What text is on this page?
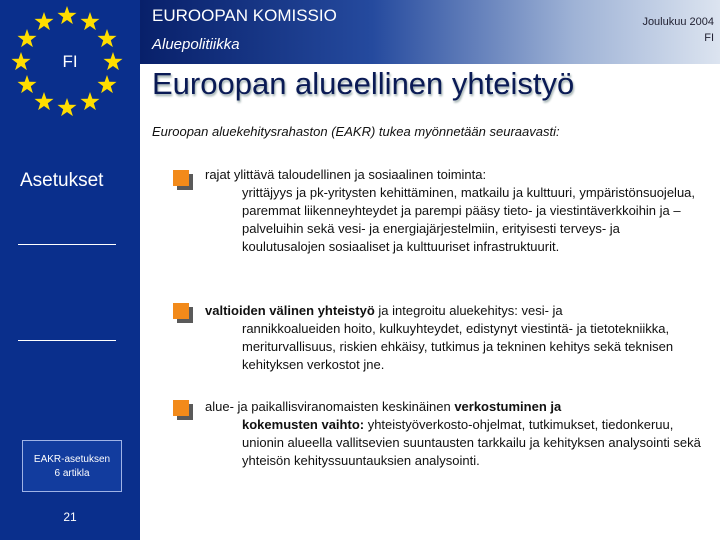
FI
Asetukset
EAKR-asetuksen
6 artikla
21
EUROOPAN KOMISSIO
Aluepolitiikka
Joulukuu 2004
FI
Euroopan alueellinen yhteistyö
Euroopan aluekehitysrahaston (EAKR) tukea myönnetään seuraavasti:
rajat ylittävä taloudellinen ja sosiaalinen toiminta:
yrittäjyys ja pk-yritysten kehittäminen, matkailu ja kulttuuri, ympäristönsuojelua, paremmat liikenneyhteydet ja parempi pääsy tieto- ja viestintäverkkoihin ja –palveluihin sekä vesi- ja energiajärjestelmiin, erityisesti terveys- ja koulutusalojen sosiaaliset ja kulttuuriset infrastruktuurit.
valtioiden välinen yhteistyö ja integroitu aluekehitys: vesi- ja
rannikkoalueiden hoito, kulkuyhteydet, edistynyt viestintä- ja tietotekniikka, meriturvallisuus, riskien ehkäisy, tutkimus ja tekninen kehitys sekä teknisen kehityksen verkostot jne.
alue- ja paikallisviranomaisten keskinäinen verkostuminen ja
kokemusten vaihto: yhteistyöverkosto-ohjelmat, tutkimukset, tiedonkeruu, unionin alueella vallitsevien suuntausten tarkkailu ja kehityksen analysointi sekä yhteisön kehityssuuntauksien analysointi.
